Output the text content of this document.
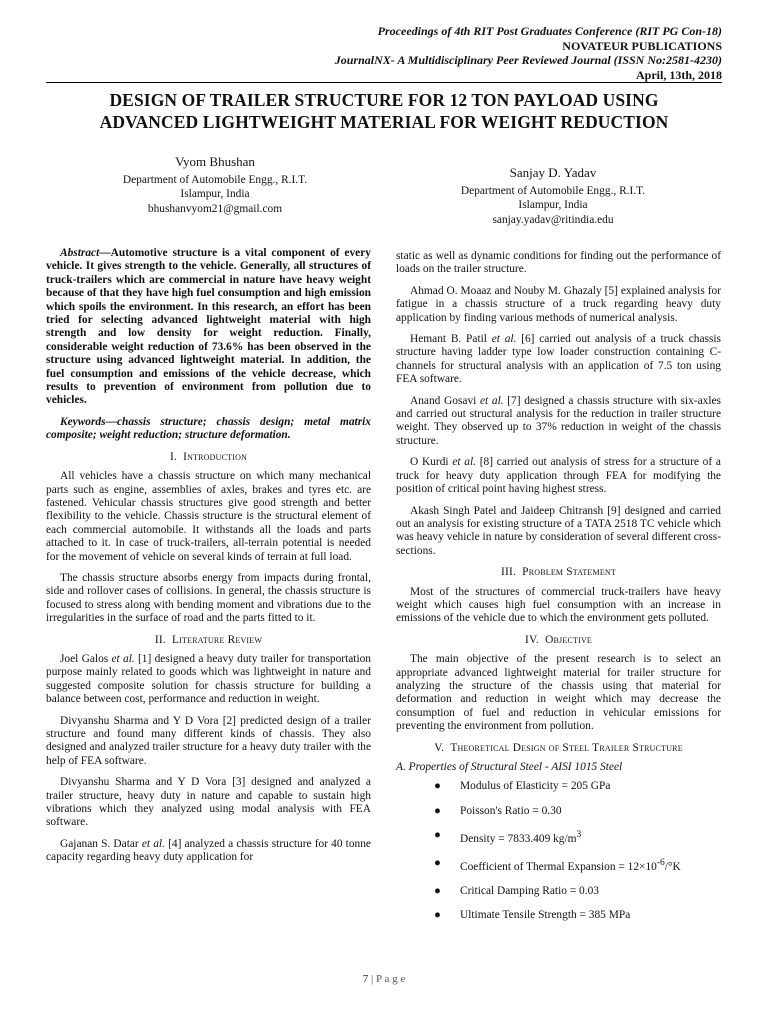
Proceedings of 4th RIT Post Graduates Conference (RIT PG Con-18)
NOVATEUR PUBLICATIONS
JournalNX- A Multidisciplinary Peer Reviewed Journal (ISSN No:2581-4230)
April, 13th, 2018
DESIGN OF TRAILER STRUCTURE FOR 12 TON PAYLOAD USING
ADVANCED LIGHTWEIGHT MATERIAL FOR WEIGHT REDUCTION
Vyom Bhushan
Department of Automobile Engg., R.I.T.
Islampur, India
bhushanvyom21@gmail.com
Sanjay D. Yadav
Department of Automobile Engg., R.I.T.
Islampur, India
sanjay.yadav@ritindia.edu

Abstract—Automotive structure is a vital component of every vehicle. It gives strength to the vehicle. Generally, all structures of truck-trailers which are commercial in nature have heavy weight because of that they have high fuel consumption and high emission which spoils the environment. In this research, an effort has been tried for selecting advanced lightweight material with high strength and low density for weight reduction. Finally, considerable weight reduction of 73.6% has been observed in the structure using advanced lightweight material. In addition, the fuel consumption and emissions of the vehicle decrease, which results to prevention of environment from pollution due to vehicles.

Keywords—chassis structure; chassis design; metal matrix composite; weight reduction; structure deformation.

I. Introduction

All vehicles have a chassis structure on which many mechanical parts such as engine, assemblies of axles, brakes and tyres etc. are fastened. Vehicular chassis structures give good strength and better flexibility to the vehicle. Chassis structure is the structural element of each commercial automobile. It withstands all the loads and parts attached to it. In case of truck-trailers, all-terrain potential is needed for the movement of vehicle on several kinds of terrain at full load.

The chassis structure absorbs energy from impacts during frontal, side and rollover cases of collisions. In general, the chassis structure is focused to stress along with bending moment and vibrations due to the irregularities in the surface of road and the parts fitted to it.

II. Literature Review

Joel Galos et al. [1] designed a heavy duty trailer for transportation purpose mainly related to goods which was lightweight in nature and suggested composite solution for chassis structure for building a balance between cost, performance and reduction in weight.

Divyanshu Sharma and Y D Vora [2] predicted design of a trailer structure and found many different kinds of chassis. They also designed and analyzed trailer structure for a heavy duty trailer with the help of FEA software.

Divyanshu Sharma and Y D Vora [3] designed and analyzed a trailer structure, heavy duty in nature and capable to sustain high vibrations which they analyzed using modal analysis with FEA software.

Gajanan S. Datar et al. [4] analyzed a chassis structure for 40 tonne capacity regarding heavy duty application for

static as well as dynamic conditions for finding out the performance of loads on the trailer structure.

Ahmad O. Moaaz and Nouby M. Ghazaly [5] explained analysis for fatigue in a chassis structure of a truck regarding heavy duty application by finding various methods of numerical analysis.

Hemant B. Patil et al. [6] carried out analysis of a truck chassis structure having ladder type low loader construction containing C-channels for structural analysis with an application of 7.5 ton using FEA software.

Anand Gosavi et al. [7] designed a chassis structure with six-axles and carried out structural analysis for the reduction in trailer structure weight. They observed up to 37% reduction in weight of the chassis structure.

O Kurdi et al. [8] carried out analysis of stress for a structure of a truck for heavy duty application through FEA for modifying the position of critical point having highest stress.

Akash Singh Patel and Jaideep Chitransh [9] designed and carried out an analysis for existing structure of a TATA 2518 TC vehicle which was heavy vehicle in nature by consideration of several different cross-sections.

III. Problem Statement

Most of the structures of commercial truck-trailers have heavy weight which causes high fuel consumption with an increase in emissions of the vehicle due to which the environment gets polluted.

IV. Objective

The main objective of the present research is to select an appropriate advanced lightweight material for trailer structure for analyzing the structure of the chassis using that material for deformation and reduction in weight which may decrease the consumption of fuel and reduction in vehicular emissions for preventing the environment from pollution.

V. Theoretical Design of Steel Trailer Structure
A. Properties of Structural Steel - AISI 1015 Steel
● Modulus of Elasticity = 205 GPa
● Poisson's Ratio = 0.30
● Density = 7833.409 $kg/m^3$
● Coefficient of Thermal Expansion = $12\times 10^{-6}/^\circ K$
● Critical Damping Ratio = 0.03
● Ultimate Tensile Strength = 385 MPa
7 | P a g e
